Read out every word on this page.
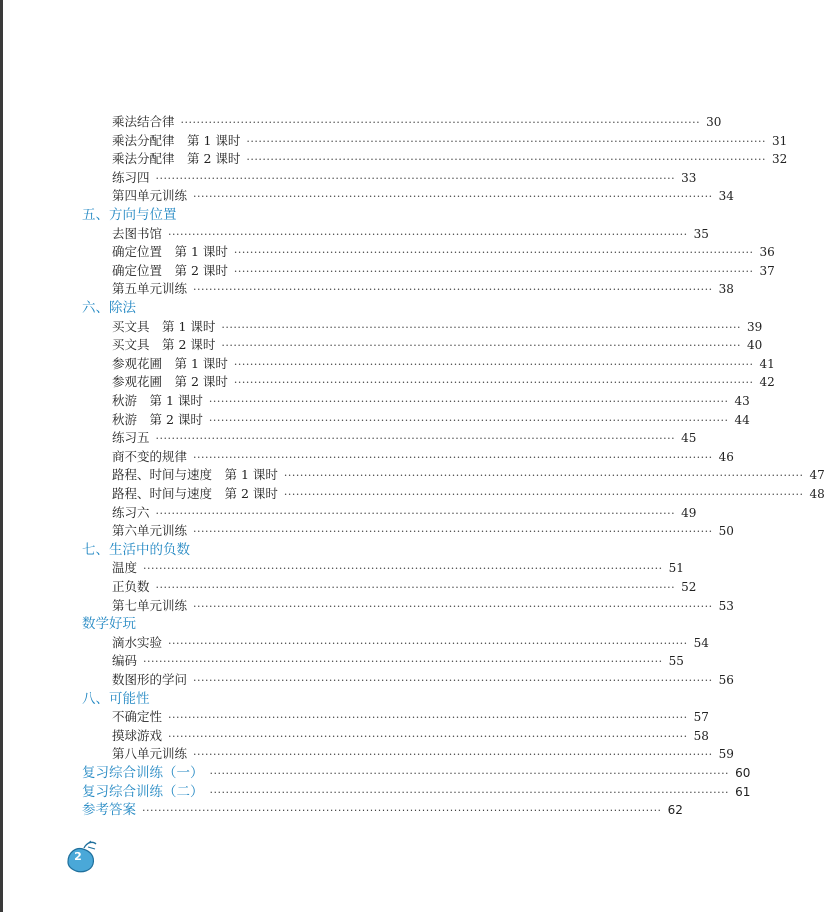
乘法结合律 ·································································································································· 30
乘法分配律　第 1 课时 ·································································································································· 31
乘法分配律　第 2 课时 ·································································································································· 32
练习四 ·································································································································· 33
第四单元训练 ·································································································································· 34
五、方向与位置
去图书馆 ·································································································································· 35
确定位置　第 1 课时 ·································································································································· 36
确定位置　第 2 课时 ·································································································································· 37
第五单元训练 ·································································································································· 38
六、除法
买文具　第 1 课时 ·································································································································· 39
买文具　第 2 课时 ·································································································································· 40
参观花圃　第 1 课时 ·································································································································· 41
参观花圃　第 2 课时 ·································································································································· 42
秋游　第 1 课时 ·································································································································· 43
秋游　第 2 课时 ·································································································································· 44
练习五 ·································································································································· 45
商不变的规律 ·································································································································· 46
路程、时间与速度　第 1 课时 ·································································································································· 47
路程、时间与速度　第 2 课时 ·································································································································· 48
练习六 ·································································································································· 49
第六单元训练 ·································································································································· 50
七、生活中的负数
温度 ·································································································································· 51
正负数 ·································································································································· 52
第七单元训练 ·································································································································· 53
数学好玩
滴水实验 ·································································································································· 54
编码 ·································································································································· 55
数图形的学问 ·································································································································· 56
八、可能性
不确定性 ·································································································································· 57
摸球游戏 ·································································································································· 58
第八单元训练 ·································································································································· 59
复习综合训练（一） ·································································································································· 60
复习综合训练（二） ·································································································································· 61
参考答案 ·································································································································· 62
2
